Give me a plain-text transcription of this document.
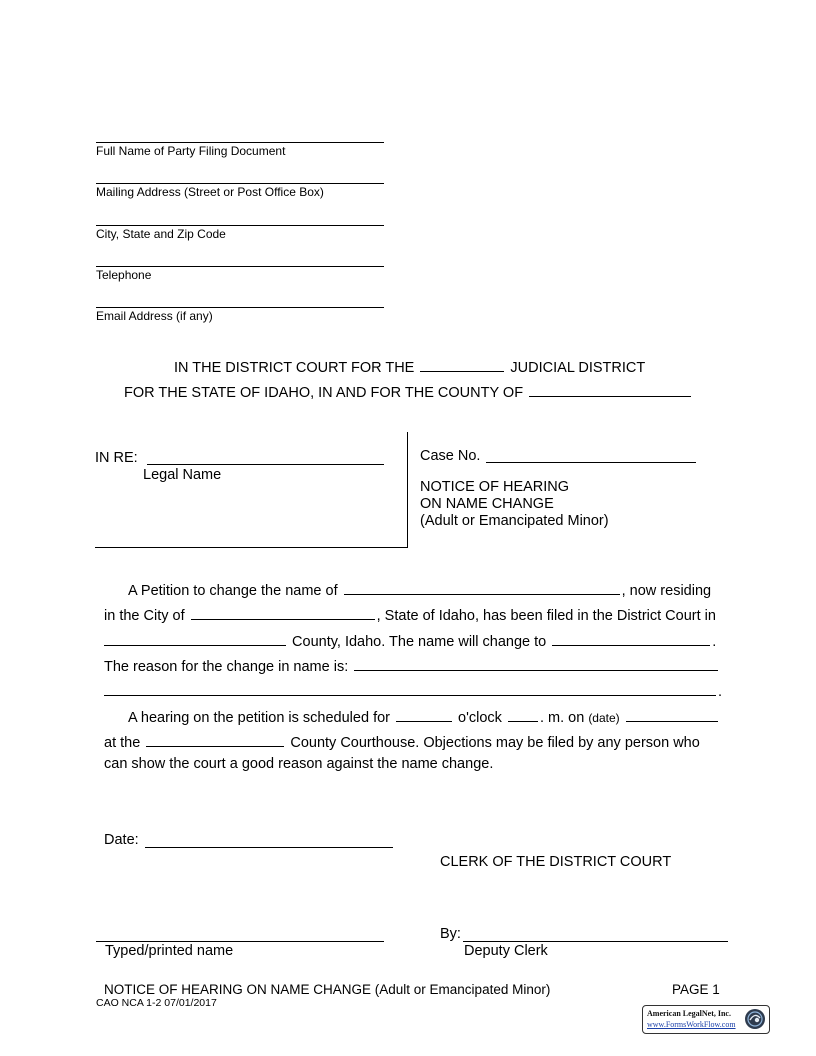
Full Name of Party Filing Document
Mailing Address (Street or Post Office Box)
City, State and Zip Code
Telephone
Email Address (if any)
IN THE DISTRICT COURT FOR THE	JUDICIAL DISTRICT
FOR THE STATE OF IDAHO, IN AND FOR THE COUNTY OF
IN RE:
Legal Name
Case No.
NOTICE OF HEARING
ON NAME CHANGE
(Adult or Emancipated Minor)
A Petition to change the name of	, now residing
in the City of	, State of Idaho, has been filed in the District Court in
County, Idaho. The name will change to	.
The reason for the change in name is:
.
A hearing on the petition is scheduled for	o'clock	. m. on (date)
at the	County Courthouse. Objections may be filed by any person who
can show the court a good reason against the name change.
Date:
CLERK OF THE DISTRICT COURT
Typed/printed name
By:
Deputy Clerk
NOTICE OF HEARING ON NAME CHANGE (Adult or Emancipated Minor)	PAGE 1
CAO NCA 1-2 07/01/2017
American LegalNet, Inc.
www.FormsWorkFlow.com
